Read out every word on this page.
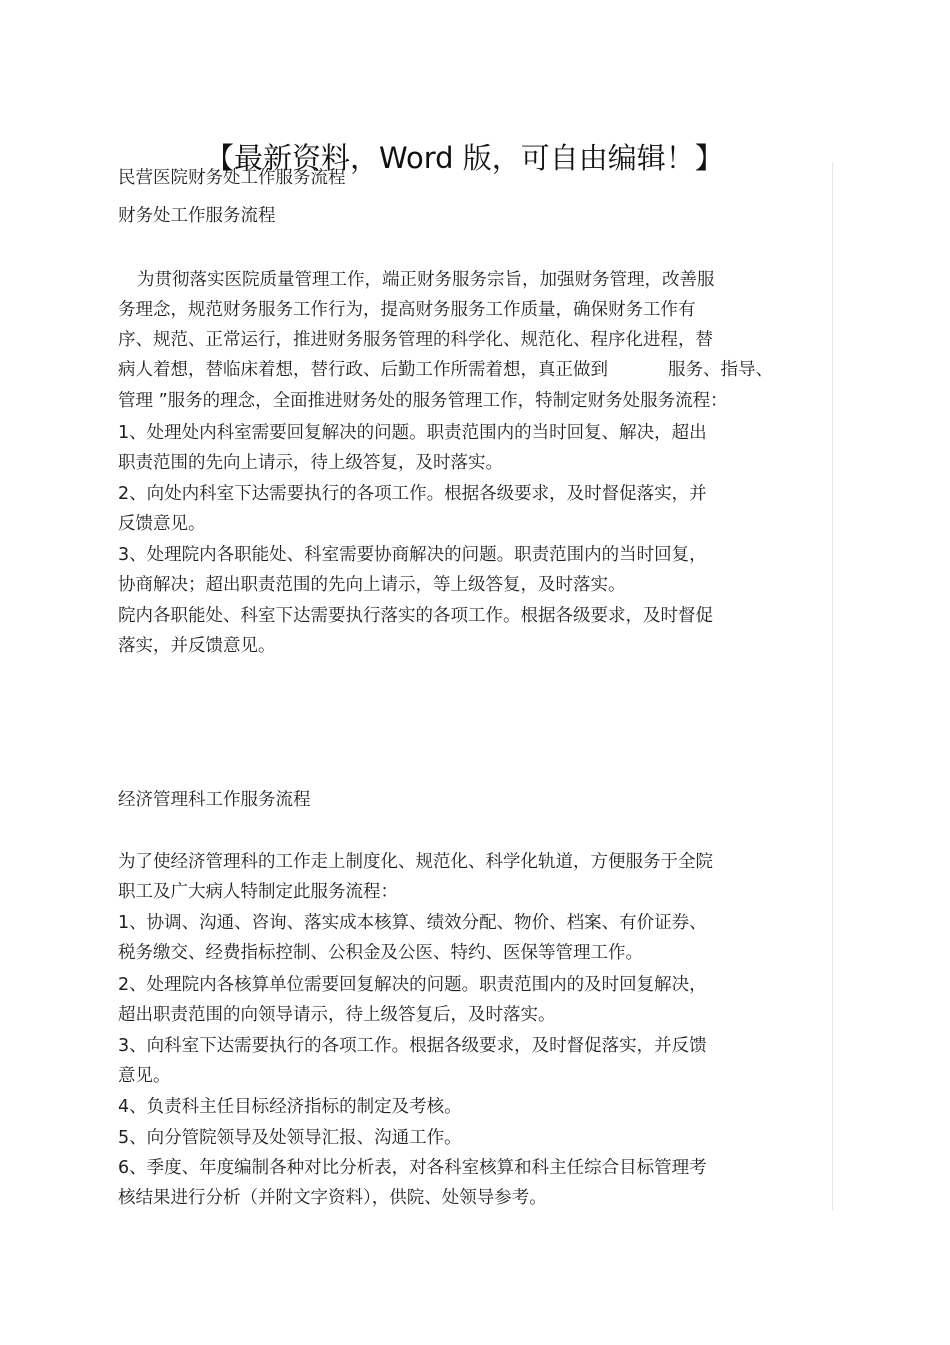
【最新资料，Word 版，可自由编辑！】
民营医院财务处工作服务流程
财务处工作服务流程
为贯彻落实医院质量管理工作，端正财务服务宗旨，加强财务管理，改善服
务理念，规范财务服务工作行为，提高财务服务工作质量，确保财务工作有
序、规范、正常运行，推进财务服务管理的科学化、规范化、程序化进程，替
病人着想，替临床着想，替行政、后勤工作所需着想，真正做到	服务、指导、
管理 ”服务的理念，全面推进财务处的服务管理工作，特制定财务处服务流程：
1、处理处内科室需要回复解决的问题。职责范围内的当时回复、解决，超出
职责范围的先向上请示，待上级答复，及时落实。
2、向处内科室下达需要执行的各项工作。根据各级要求，及时督促落实，并
反馈意见。
3、处理院内各职能处、科室需要协商解决的问题。职责范围内的当时回复，
协商解决；超出职责范围的先向上请示，等上级答复，及时落实。
院内各职能处、科室下达需要执行落实的各项工作。根据各级要求，及时督促
落实，并反馈意见。
经济管理科工作服务流程
为了使经济管理科的工作走上制度化、规范化、科学化轨道，方便服务于全院
职工及广大病人特制定此服务流程：
1、协调、沟通、咨询、落实成本核算、绩效分配、物价、档案、有价证券、
税务缴交、经费指标控制、公积金及公医、特约、医保等管理工作。
2、处理院内各核算单位需要回复解决的问题。职责范围内的及时回复解决，
超出职责范围的向领导请示，待上级答复后，及时落实。
3、向科室下达需要执行的各项工作。根据各级要求，及时督促落实，并反馈
意见。
4、负责科主任目标经济指标的制定及考核。
5、向分管院领导及处领导汇报、沟通工作。
6、季度、年度编制各种对比分析表，对各科室核算和科主任综合目标管理考
核结果进行分析（并附文字资料），供院、处领导参考。
